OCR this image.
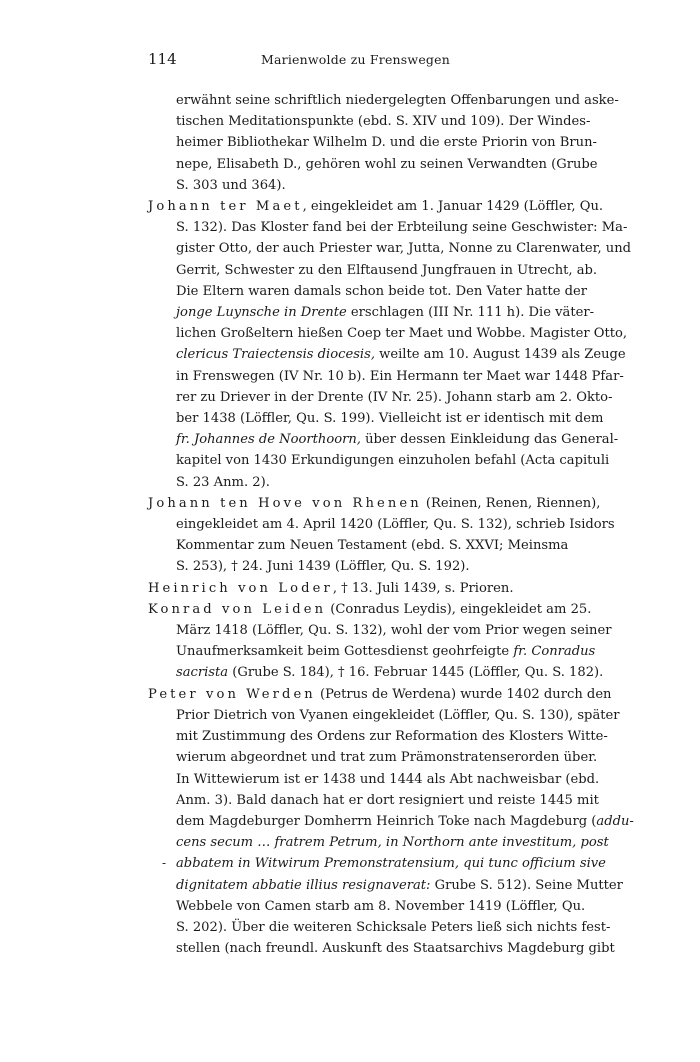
114	Marienwolde zu Frenswegen
erwähnt seine schriftlich niedergelegten Offenbarungen und aske-
tischen Meditationspunkte (ebd. S. XIV und 109). Der Windes-
heimer Bibliothekar Wilhelm D. und die erste Priorin von Brun-
nepe, Elisabeth D., gehören wohl zu seinen Verwandten (Grube
S. 303 und 364).
Johann ter Maet, eingekleidet am 1. Januar 1429 (Löffler, Qu.
S. 132). Das Kloster fand bei der Erbteilung seine Geschwister: Ma-
gister Otto, der auch Priester war, Jutta, Nonne zu Clarenwater, und
Gerrit, Schwester zu den Elftausend Jungfrauen in Utrecht, ab.
Die Eltern waren damals schon beide tot. Den Vater hatte der
jonge Luynsche in Drente erschlagen (III Nr. 111 h). Die väter-
lichen Großeltern hießen Coep ter Maet und Wobbe. Magister Otto,
clericus Traiectensis diocesis, weilte am 10. August 1439 als Zeuge
in Frenswegen (IV Nr. 10 b). Ein Hermann ter Maet war 1448 Pfar-
rer zu Driever in der Drente (IV Nr. 25). Johann starb am 2. Okto-
ber 1438 (Löffler, Qu. S. 199). Vielleicht ist er identisch mit dem
fr. Johannes de Noorthoorn, über dessen Einkleidung das General-
kapitel von 1430 Erkundigungen einzuholen befahl (Acta capituli
S. 23 Anm. 2).
Johann ten Hove von Rhenen (Reinen, Renen, Riennen),
eingekleidet am 4. April 1420 (Löffler, Qu. S. 132), schrieb Isidors
Kommentar zum Neuen Testament (ebd. S. XXVI; Meinsma
S. 253), † 24. Juni 1439 (Löffler, Qu. S. 192).
Heinrich von Loder, † 13. Juli 1439, s. Prioren.
Konrad von Leiden (Conradus Leydis), eingekleidet am 25.
März 1418 (Löffler, Qu. S. 132), wohl der vom Prior wegen seiner
Unaufmerksamkeit beim Gottesdienst geohrfeigte fr. Conradus
sacrista (Grube S. 184), † 16. Februar 1445 (Löffler, Qu. S. 182).
Peter von Werden (Petrus de Werdena) wurde 1402 durch den
Prior Dietrich von Vyanen eingekleidet (Löffler, Qu. S. 130), später
mit Zustimmung des Ordens zur Reformation des Klosters Witte-
wierum abgeordnet und trat zum Prämonstratenserorden über.
In Wittewierum ist er 1438 und 1444 als Abt nachweisbar (ebd.
Anm. 3). Bald danach hat er dort resigniert und reiste 1445 mit
dem Magdeburger Domherrn Heinrich Toke nach Magdeburg (addu-
cens secum … fratrem Petrum, in Northorn ante investitum, post
abbatem in Witwirum Premonstratensium, qui tunc officium sive
-
dignitatem abbatie illius resignaverat: Grube S. 512). Seine Mutter
Webbele von Camen starb am 8. November 1419 (Löffler, Qu.
S. 202). Über die weiteren Schicksale Peters ließ sich nichts fest-
stellen (nach freundl. Auskunft des Staatsarchivs Magdeburg gibt
